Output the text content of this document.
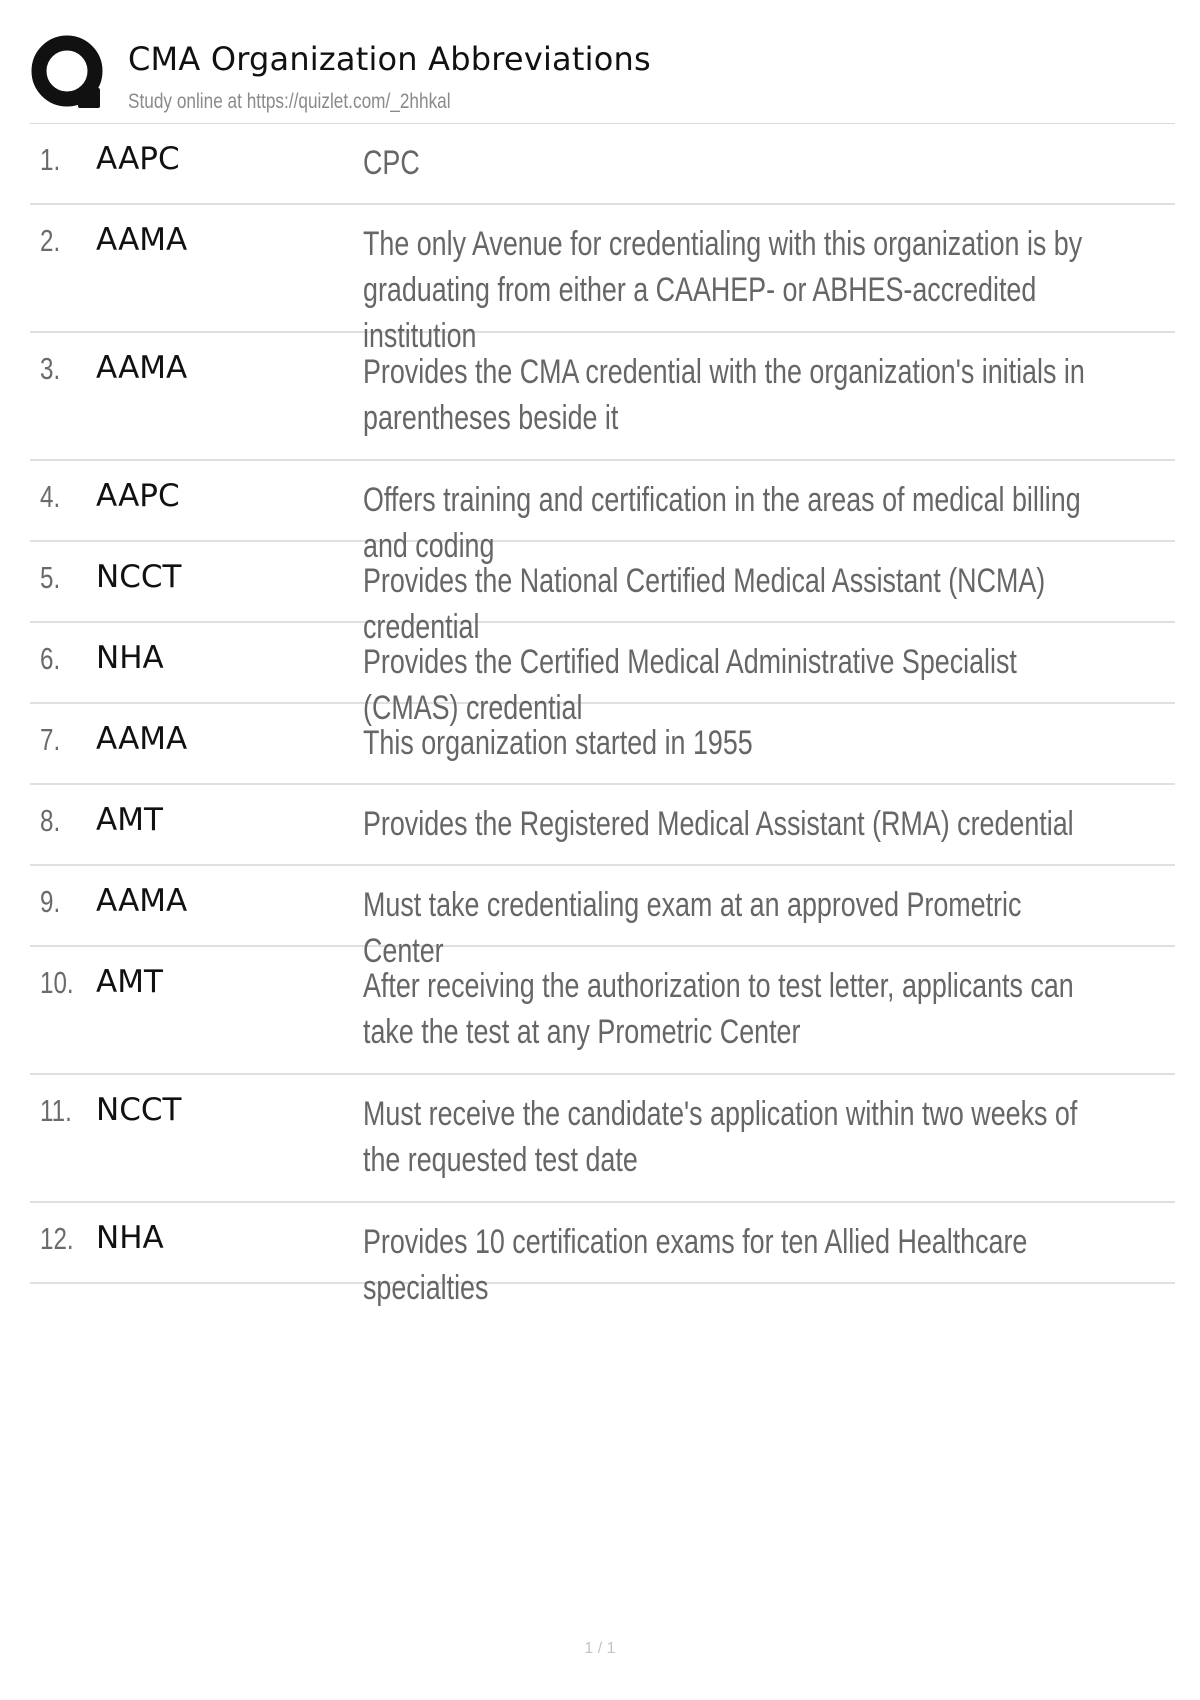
CMA Organization Abbreviations
Study online at https://quizlet.com/_2hhkal
1. AAPC	CPC
2. AAMA	The only Avenue for credentialing with this organization is by graduating from either a CAAHEP- or ABHES-accredited institution
3. AAMA	Provides the CMA credential with the organization's initials in parentheses beside it
4. AAPC	Offers training and certification in the areas of medical billing and coding
5. NCCT	Provides the National Certified Medical Assistant (NCMA) credential
6. NHA	Provides the Certified Medical Administrative Specialist (CMAS) credential
7. AAMA	This organization started in 1955
8. AMT	Provides the Registered Medical Assistant (RMA) credential
9. AAMA	Must take credentialing exam at an approved Prometric Center
10. AMT	After receiving the authorization to test letter, applicants can take the test at any Prometric Center
11. NCCT	Must receive the candidate's application within two weeks of the requested test date
12. NHA	Provides 10 certification exams for ten Allied Healthcare specialties
1 / 1
